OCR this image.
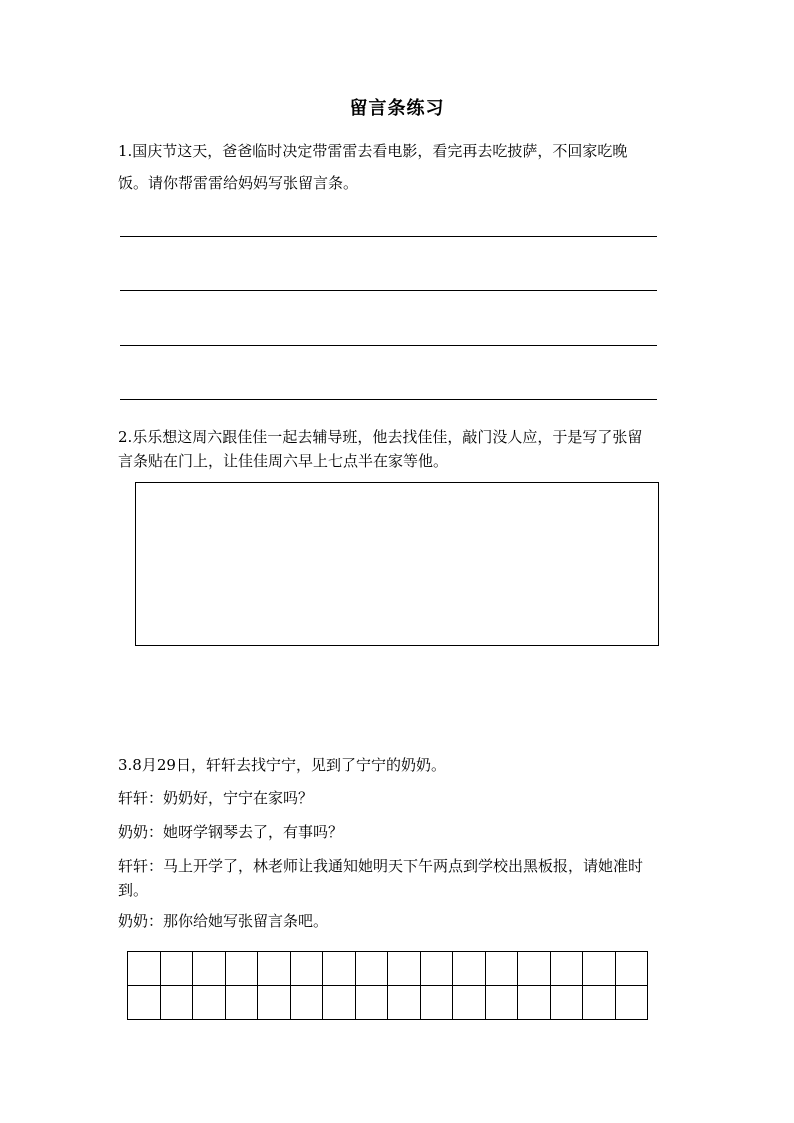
留言条练习
1.国庆节这天，爸爸临时决定带雷雷去看电影，看完再去吃披萨，不回家吃晚
饭。请你帮雷雷给妈妈写张留言条。
2.乐乐想这周六跟佳佳一起去辅导班，他去找佳佳，敲门没人应，于是写了张留
言条贴在门上，让佳佳周六早上七点半在家等他。
3.8月29日，轩轩去找宁宁，见到了宁宁的奶奶。
轩轩：奶奶好，宁宁在家吗？
奶奶：她呀学钢琴去了，有事吗？
轩轩：马上开学了，林老师让我通知她明天下午两点到学校出黑板报，请她准时
到。
奶奶：那你给她写张留言条吧。
